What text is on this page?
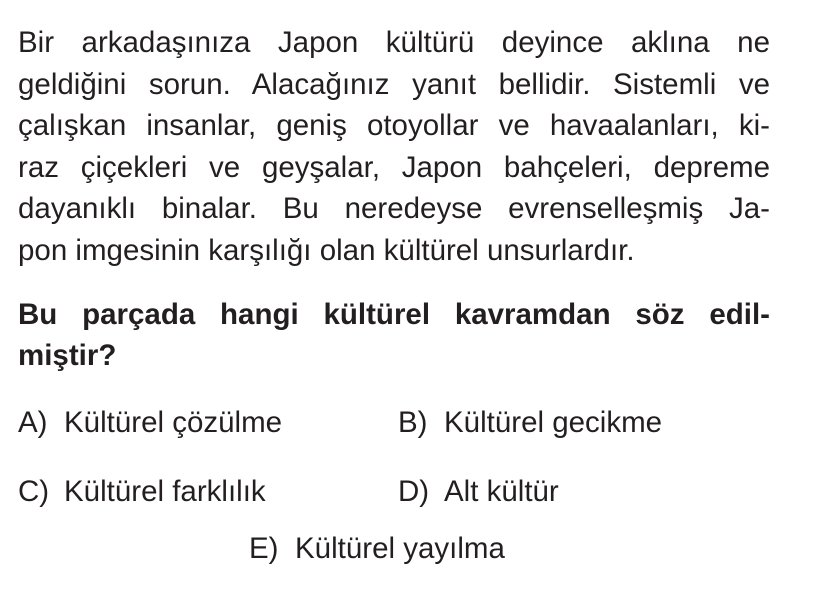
Bir arkadaşınıza Japon kültürü deyince aklına ne
geldiğini sorun. Alacağınız yanıt bellidir. Sistemli ve
çalışkan insanlar, geniş otoyollar ve havaalanları, ki-
raz çiçekleri ve geyşalar, Japon bahçeleri, depreme
dayanıklı binalar. Bu neredeyse evrenselleşmiş Ja-
pon imgesinin karşılığı olan kültürel unsurlardır.
Bu parçada hangi kültürel kavramdan söz edil-
miştir?
A) Kültürel çözülme	B) Kültürel gecikme
C) Kültürel farklılık	D) Alt kültür
E) Kültürel yayılma
